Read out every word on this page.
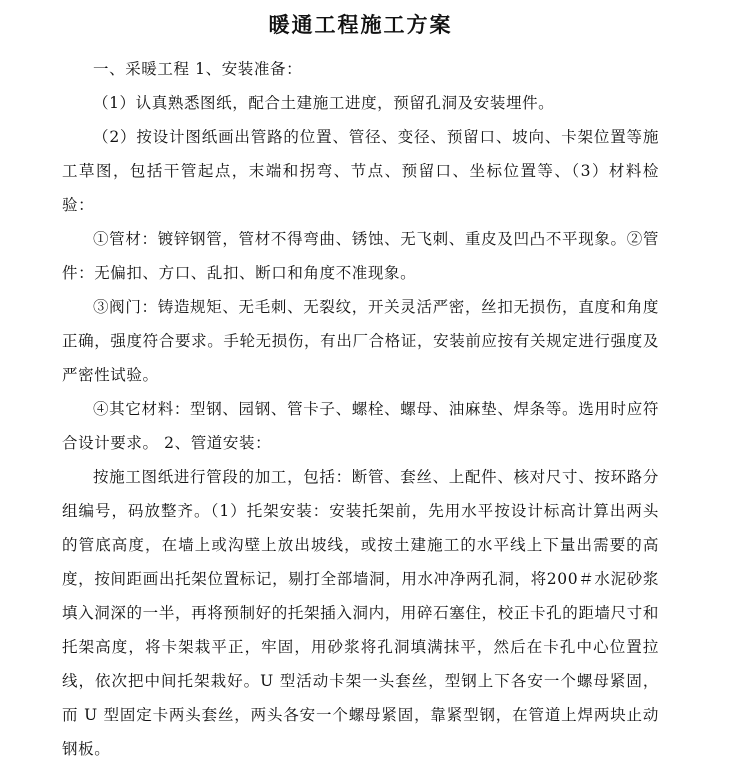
暖通工程施工方案

一、采暖工程 1、安装准备：

（1）认真熟悉图纸，配合土建施工进度，预留孔洞及安装埋件。

（2）按设计图纸画出管路的位置、管径、变径、预留口、坡向、卡架位置等施工草图，包括干管起点，末端和拐弯、节点、预留口、坐标位置等、（3）材料检验：

①管材：镀锌钢管，管材不得弯曲、锈蚀、无飞刺、重皮及凹凸不平现象。②管件：无偏扣、方口、乱扣、断口和角度不准现象。

③阀门：铸造规矩、无毛刺、无裂纹，开关灵活严密，丝扣无损伤，直度和角度正确，强度符合要求。手轮无损伤，有出厂合格证，安装前应按有关规定进行强度及严密性试验。

④其它材料：型钢、园钢、管卡子、螺栓、螺母、油麻垫、焊条等。选用时应符合设计要求。 2、管道安装：

按施工图纸进行管段的加工，包括：断管、套丝、上配件、核对尺寸、按环路分组编号，码放整齐。（1）托架安装：安装托架前，先用水平按设计标高计算出两头的管底高度，在墙上或沟壁上放出坡线，或按土建施工的水平线上下量出需要的高度，按间距画出托架位置标记，剔打全部墙洞，用水冲净两孔洞，将200＃水泥砂浆填入洞深的一半，再将预制好的托架插入洞内，用碎石塞住，校正卡孔的距墙尺寸和托架高度，将卡架栽平正，牢固，用砂浆将孔洞填满抹平，然后在卡孔中心位置拉线，依次把中间托架栽好。U 型活动卡架一头套丝，型钢上下各安一个螺母紧固，而 U 型固定卡两头套丝，两头各安一个螺母紧固，靠紧型钢，在管道上焊两块止动钢板。
